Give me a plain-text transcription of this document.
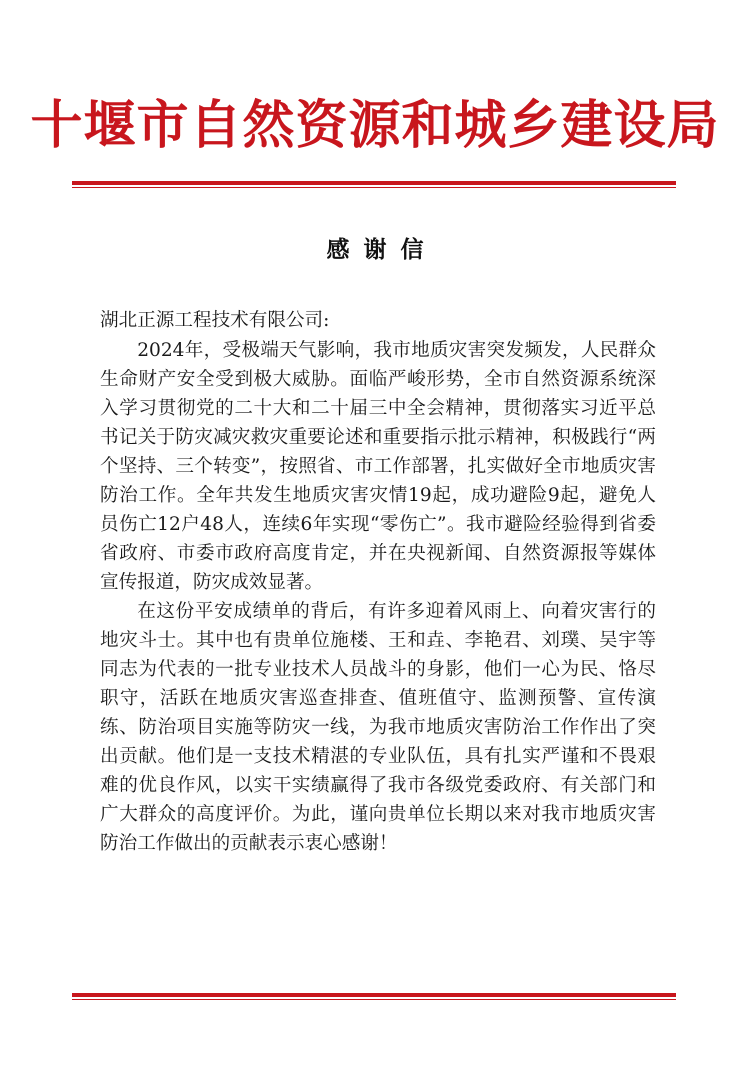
十堰市自然资源和城乡建设局
感 谢 信
湖北正源工程技术有限公司:

2024年，受极端天气影响，我市地质灾害突发频发，人民群众生命财产安全受到极大威胁。面临严峻形势，全市自然资源系统深入学习贯彻党的二十大和二十届三中全会精神，贯彻落实习近平总书记关于防灾减灾救灾重要论述和重要指示批示精神，积极践行“两个坚持、三个转变”，按照省、市工作部署，扎实做好全市地质灾害防治工作。全年共发生地质灾害灾情19起，成功避险9起，避免人员伤亡12户48人，连续6年实现“零伤亡”。我市避险经验得到省委省政府、市委市政府高度肯定，并在央视新闻、自然资源报等媒体宣传报道，防灾成效显著。

在这份平安成绩单的背后，有许多迎着风雨上、向着灾害行的地灾斗士。其中也有贵单位施楼、王和垚、李艳君、刘璞、吴宇等同志为代表的一批专业技术人员战斗的身影，他们一心为民、恪尽职守，活跃在地质灾害巡查排查、值班值守、监测预警、宣传演练、防治项目实施等防灾一线，为我市地质灾害防治工作作出了突出贡献。他们是一支技术精湛的专业队伍，具有扎实严谨和不畏艰难的优良作风，以实干实绩赢得了我市各级党委政府、有关部门和广大群众的高度评价。为此，谨向贵单位长期以来对我市地质灾害防治工作做出的贡献表示衷心感谢！
